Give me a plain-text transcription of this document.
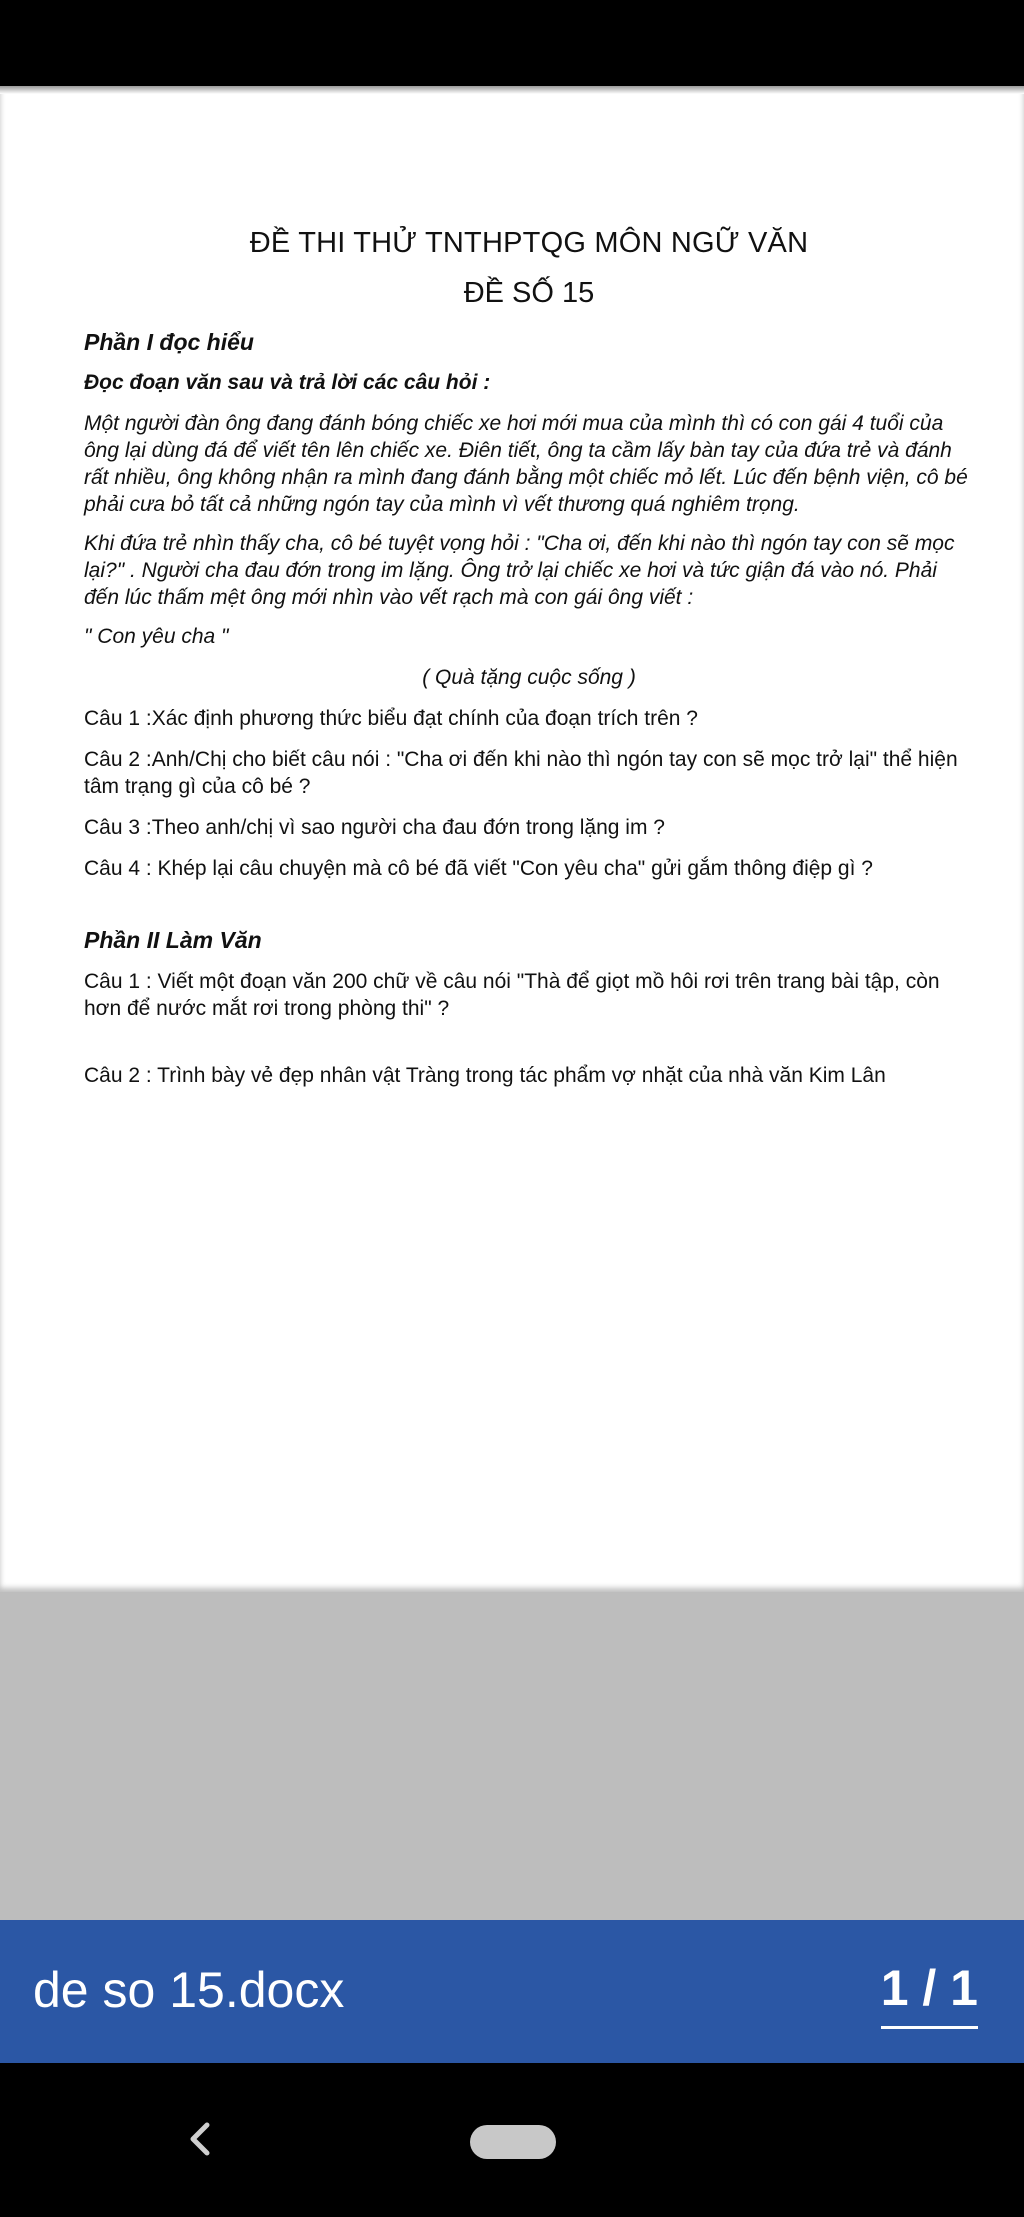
ĐỀ THI THỬ TNTHPTQG MÔN NGỮ VĂN
ĐỀ SỐ 15
Phần I đọc hiểu
Đọc đoạn văn sau và trả lời các câu hỏi :
Một người đàn ông đang đánh bóng chiếc xe hơi mới mua của mình thì có con gái 4 tuổi của ông lại dùng đá để viết tên lên chiếc xe. Điên tiết, ông ta cầm lấy bàn tay của đứa trẻ và đánh rất nhiều, ông không nhận ra mình đang đánh bằng một chiếc mỏ lết. Lúc đến bệnh viện, cô bé phải cưa bỏ tất cả những ngón tay của mình vì vết thương quá nghiêm trọng.
Khi đứa trẻ nhìn thấy cha, cô bé tuyệt vọng hỏi : "Cha ơi, đến khi nào thì ngón tay con sẽ mọc lại?" . Người cha đau đớn trong im lặng. Ông trở lại chiếc xe hơi và tức giận đá vào nó. Phải đến lúc thấm mệt ông mới nhìn vào vết rạch mà con gái ông viết :
" Con yêu cha "
( Quà tặng cuộc sống )
Câu 1 :Xác định phương thức biểu đạt chính của đoạn trích trên ?
Câu 2 :Anh/Chị cho biết câu nói : "Cha ơi đến khi nào thì ngón tay con sẽ mọc trở lại" thể hiện tâm trạng gì của cô bé ?
Câu 3 :Theo anh/chị vì sao người cha đau đớn trong lặng im ?
Câu 4 : Khép lại câu chuyện mà cô bé đã viết "Con yêu cha" gửi gắm thông điệp gì ?
Phần II Làm Văn
Câu 1 : Viết một đoạn văn 200 chữ về câu nói "Thà để giọt mồ hôi rơi trên trang bài tập, còn hơn để nước mắt rơi trong phòng thi" ?
Câu 2 : Trình bày vẻ đẹp nhân vật Tràng trong tác phẩm vợ nhặt của nhà văn Kim Lân
de so 15.docx	1 / 1
